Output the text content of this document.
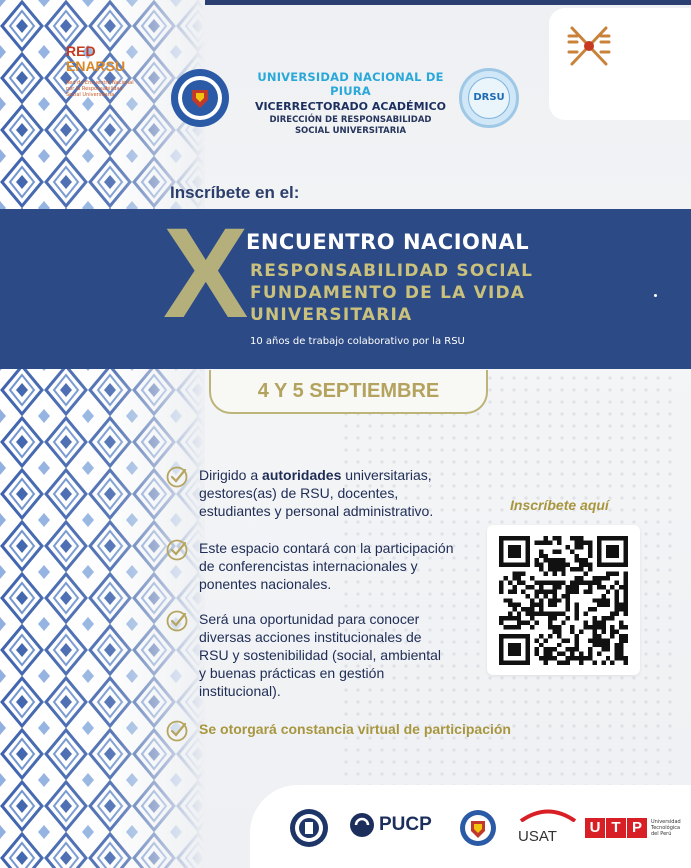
UNIVERSIDAD NACIONAL DE PIURA
VICERRECTORADO ACADÉMICO
DIRECCIÓN DE RESPONSABILIDAD
SOCIAL UNIVERSITARIA
DRSU
RED
ENARSU
Red de Encuentro Nacional
por la Responsabilidad
Social Universitaria
Inscríbete en el:
X
ENCUENTRO NACIONAL
RESPONSABILIDAD SOCIAL
FUNDAMENTO DE LA VIDA
UNIVERSITARIA
10 años de trabajo colaborativo por la RSU
4 Y 5 SEPTIEMBRE
Dirigido a autoridades universitarias,
gestores(as) de RSU, docentes,
estudiantes y personal administrativo.
Este espacio contará con la participación
de conferencistas internacionales y
ponentes nacionales.
Será una oportunidad para conocer
diversas acciones institucionales de
RSU y sostenibilidad (social, ambiental
y buenas prácticas en gestión
institucional).
Se otorgará constancia virtual de participación
Inscríbete aquí
PUCP
USAT
U T P	Universidad
Tecnológica
del Perú
